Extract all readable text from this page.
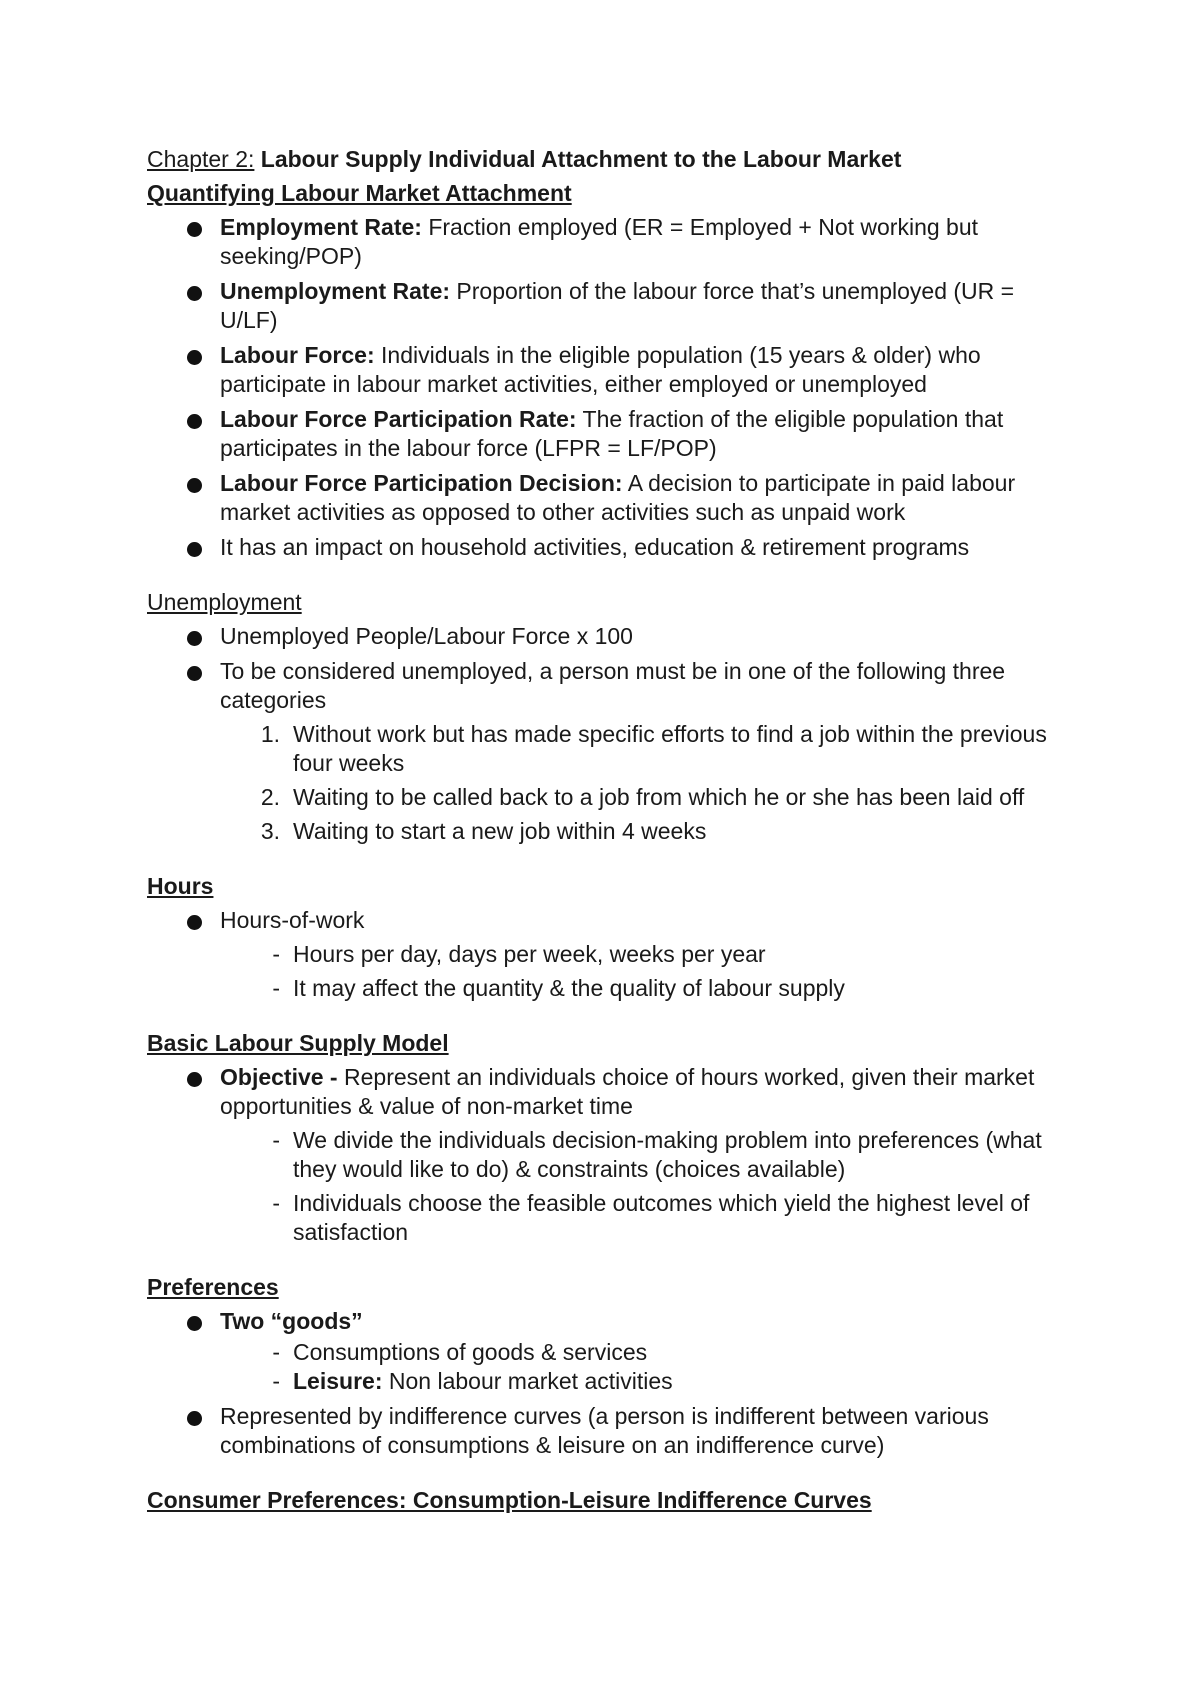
Chapter 2: Labour Supply Individual Attachment to the Labour Market
Quantifying Labour Market Attachment
Employment Rate: Fraction employed (ER = Employed + Not working but seeking/POP)
Unemployment Rate: Proportion of the labour force that’s unemployed (UR = U/LF)
Labour Force: Individuals in the eligible population (15 years & older) who participate in labour market activities, either employed or unemployed
Labour Force Participation Rate: The fraction of the eligible population that participates in the labour force (LFPR = LF/POP)
Labour Force Participation Decision: A decision to participate in paid labour market activities as opposed to other activities such as unpaid work
It has an impact on household activities, education & retirement programs
Unemployment
Unemployed People/Labour Force x 100
To be considered unemployed, a person must be in one of the following three categories
1. Without work but has made specific efforts to find a job within the previous four weeks
2. Waiting to be called back to a job from which he or she has been laid off
3. Waiting to start a new job within 4 weeks
Hours
Hours-of-work
- Hours per day, days per week, weeks per year
- It may affect the quantity & the quality of labour supply
Basic Labour Supply Model
Objective - Represent an individuals choice of hours worked, given their market opportunities & value of non-market time
- We divide the individuals decision-making problem into preferences (what they would like to do) & constraints (choices available)
- Individuals choose the feasible outcomes which yield the highest level of satisfaction
Preferences
Two “goods”
- Consumptions of goods & services
- Leisure: Non labour market activities
Represented by indifference curves (a person is indifferent between various combinations of consumptions & leisure on an indifference curve)
Consumer Preferences: Consumption-Leisure Indifference Curves
